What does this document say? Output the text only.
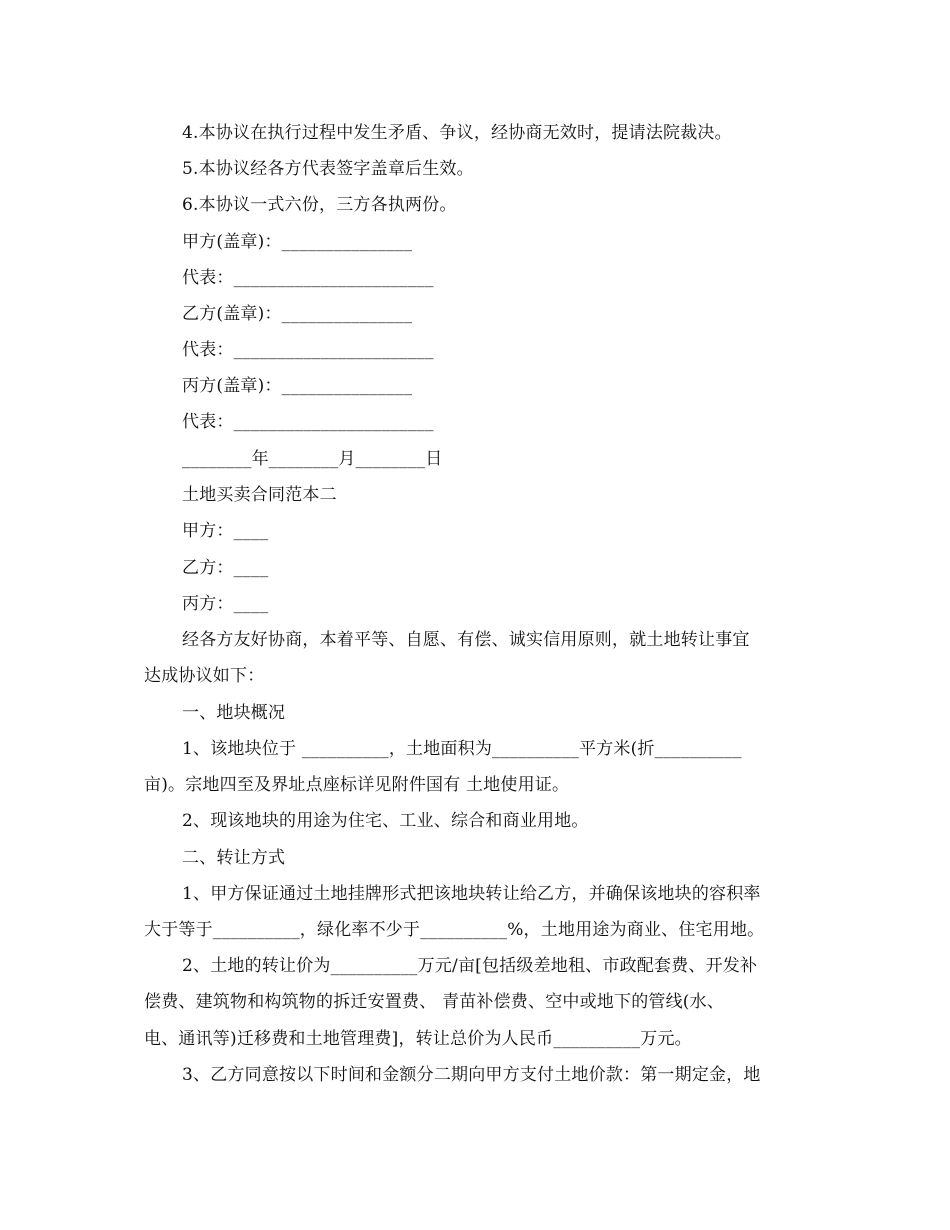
4.本协议在执行过程中发生矛盾、争议，经协商无效时，提请法院裁决。
5.本协议经各方代表签字盖章后生效。
6.本协议一式六份，三方各执两份。
甲方(盖章)：_______________
代表：_______________________
乙方(盖章)：_______________
代表：_______________________
丙方(盖章)：_______________
代表：_______________________
________年________月________日
土地买卖合同范本二
甲方：____
乙方：____
丙方：____
经各方友好协商，本着平等、自愿、有偿、诚实信用原则，就土地转让事宜
达成协议如下：
一、地块概况
1、该地块位于 __________，土地面积为__________平方米(折__________
亩)。宗地四至及界址点座标详见附件国有 土地使用证。
2、现该地块的用途为住宅、工业、综合和商业用地。
二、转让方式
1、甲方保证通过土地挂牌形式把该地块转让给乙方，并确保该地块的容积率
大于等于__________，绿化率不少于__________%，土地用途为商业、住宅用地。
2、土地的转让价为__________万元/亩[包括级差地租、市政配套费、开发补
偿费、建筑物和构筑物的拆迁安置费、 青苗补偿费、空中或地下的管线(水、
电、通讯等)迁移费和土地管理费]，转让总价为人民币__________万元。
3、乙方同意按以下时间和金额分二期向甲方支付土地价款：第一期定金，地
